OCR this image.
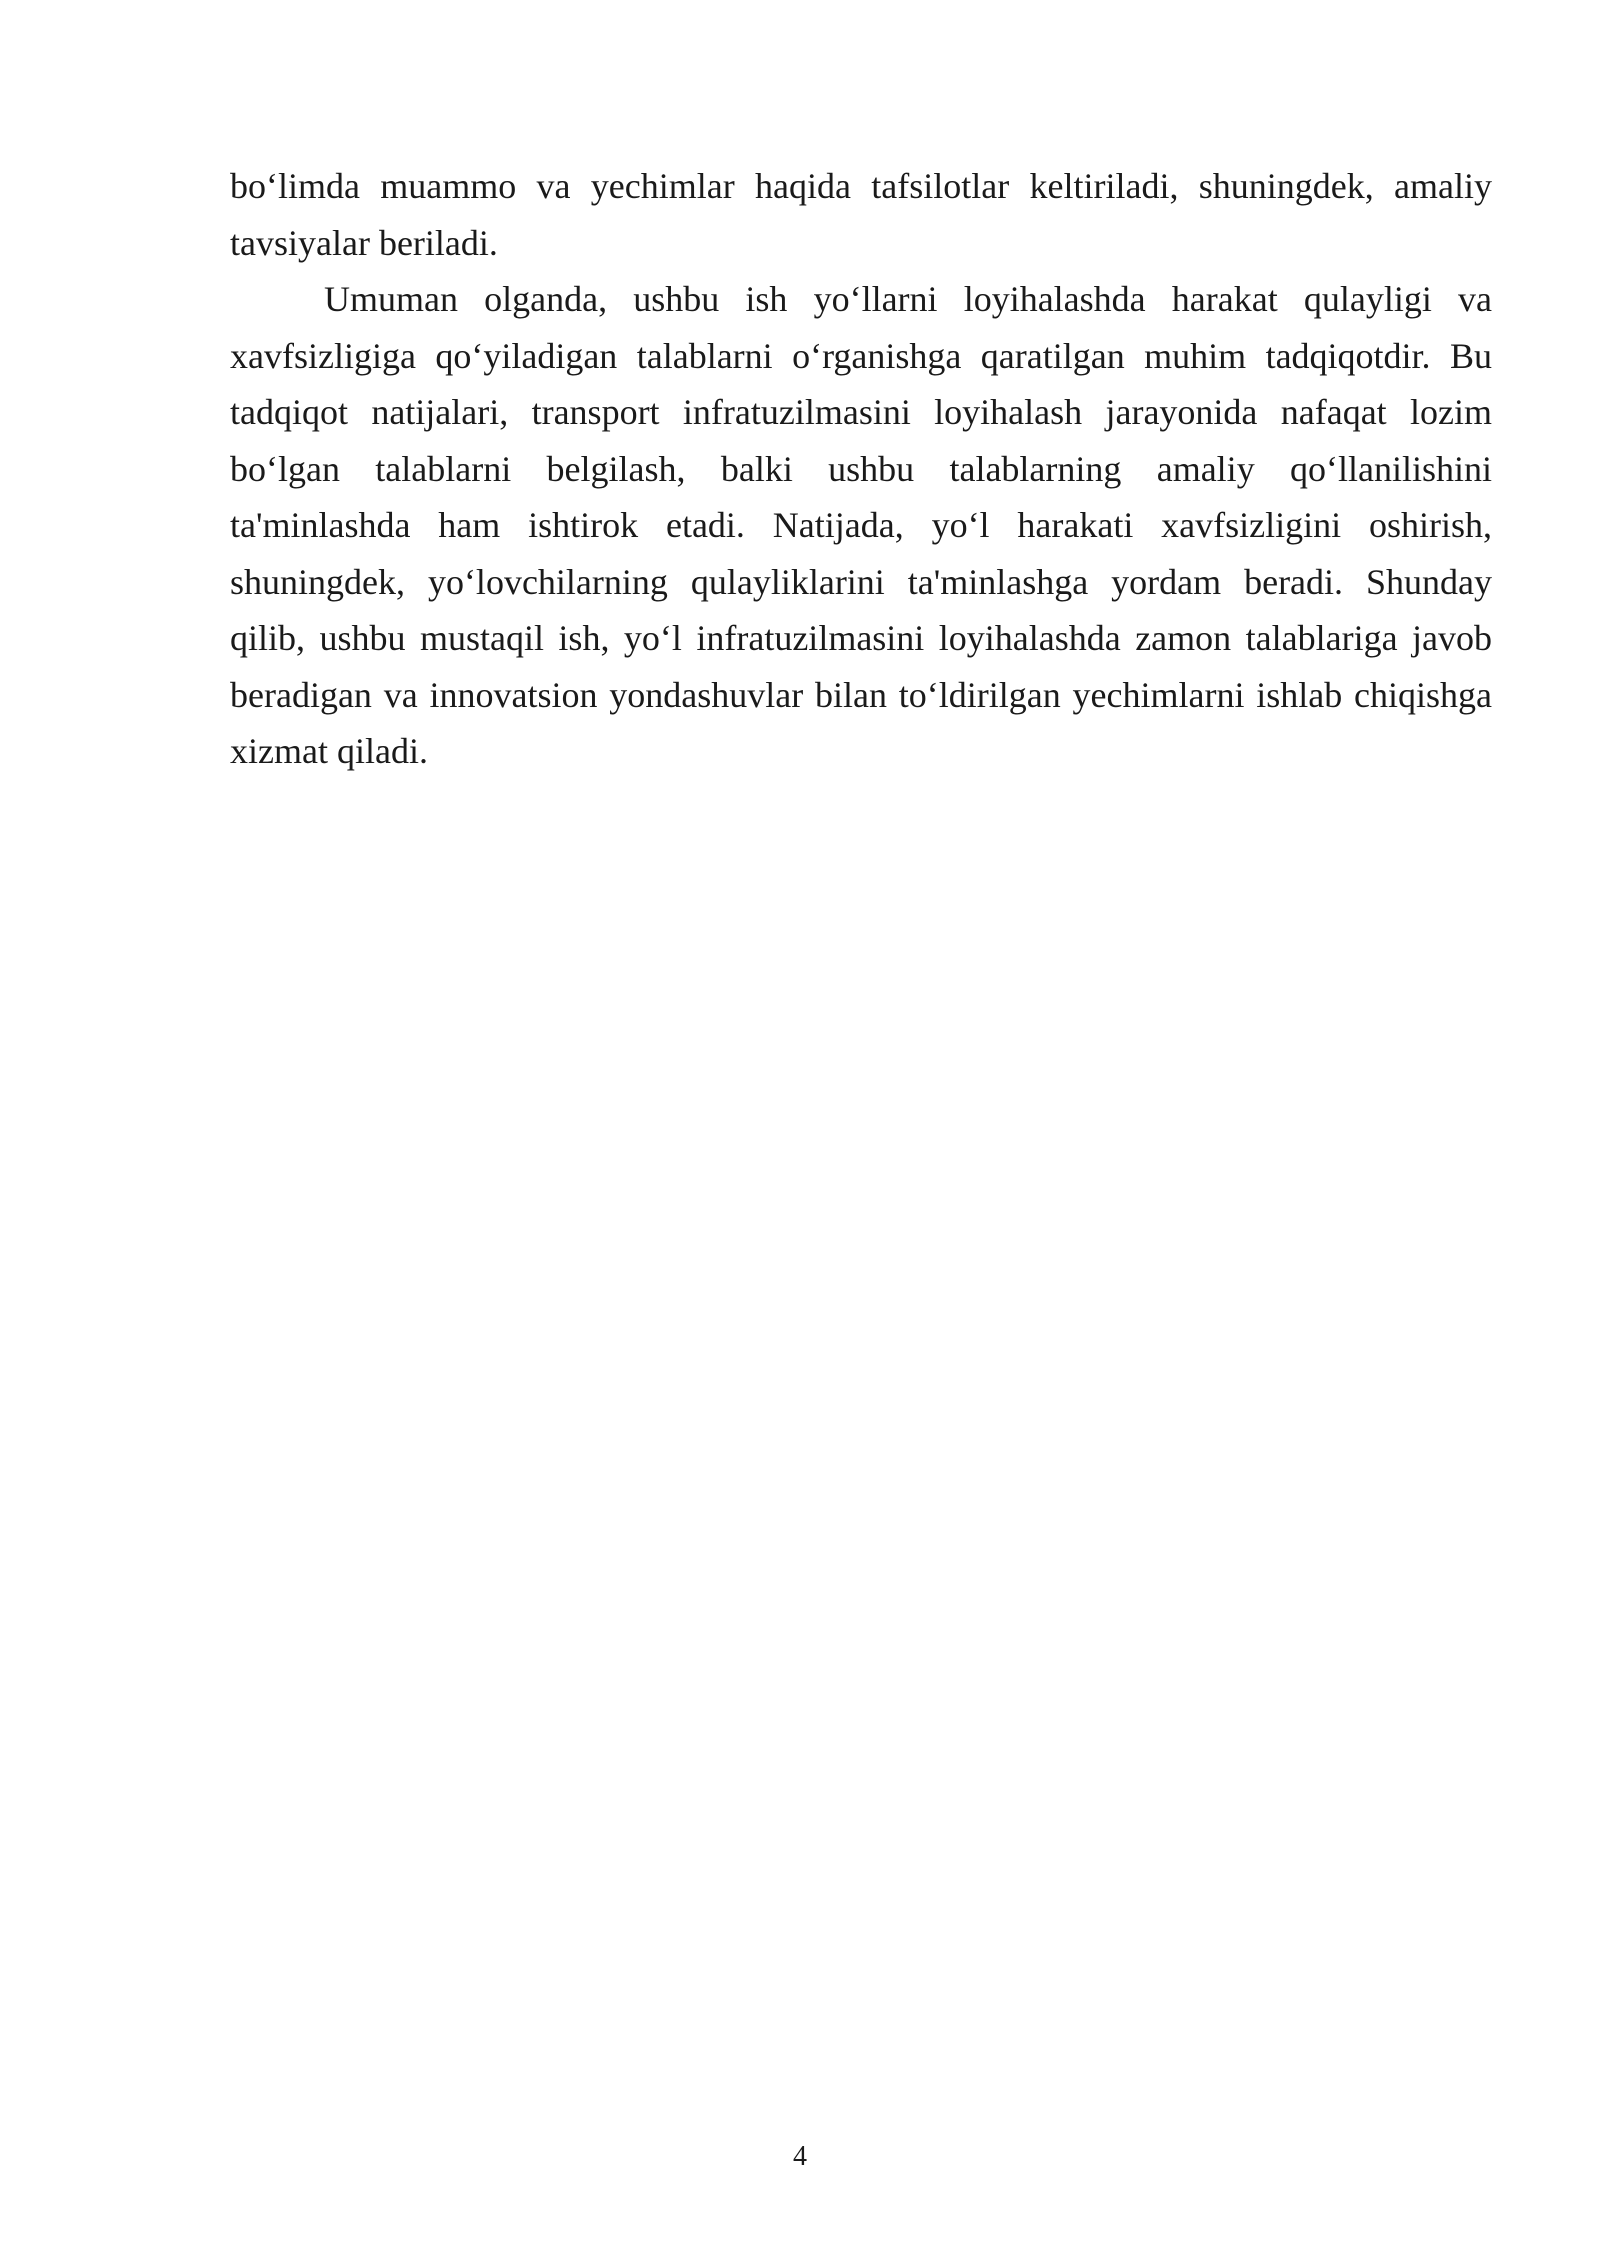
bo‘limda muammo va yechimlar haqida tafsilotlar keltiriladi, shuningdek, amaliy tavsiyalar beriladi.

Umuman olganda, ushbu ish yo‘llarni loyihalashda harakat qulayligi va xavfsizligiga qo‘yiladigan talablarni o‘rganishga qaratilgan muhim tadqiqotdir. Bu tadqiqot natijalari, transport infratuzilmasini loyihalash jarayonida nafaqat lozim bo‘lgan talablarni belgilash, balki ushbu talablarning amaliy qo‘llanilishini ta'minlashda ham ishtirok etadi. Natijada, yo‘l harakati xavfsizligini oshirish, shuningdek, yo‘lovchilarning qulayliklarini ta'minlashga yordam beradi. Shunday qilib, ushbu mustaqil ish, yo‘l infratuzilmasini loyihalashda zamon talablariga javob beradigan va innovatsion yondashuvlar bilan to‘ldirilgan yechimlarni ishlab chiqishga xizmat qiladi.

4
